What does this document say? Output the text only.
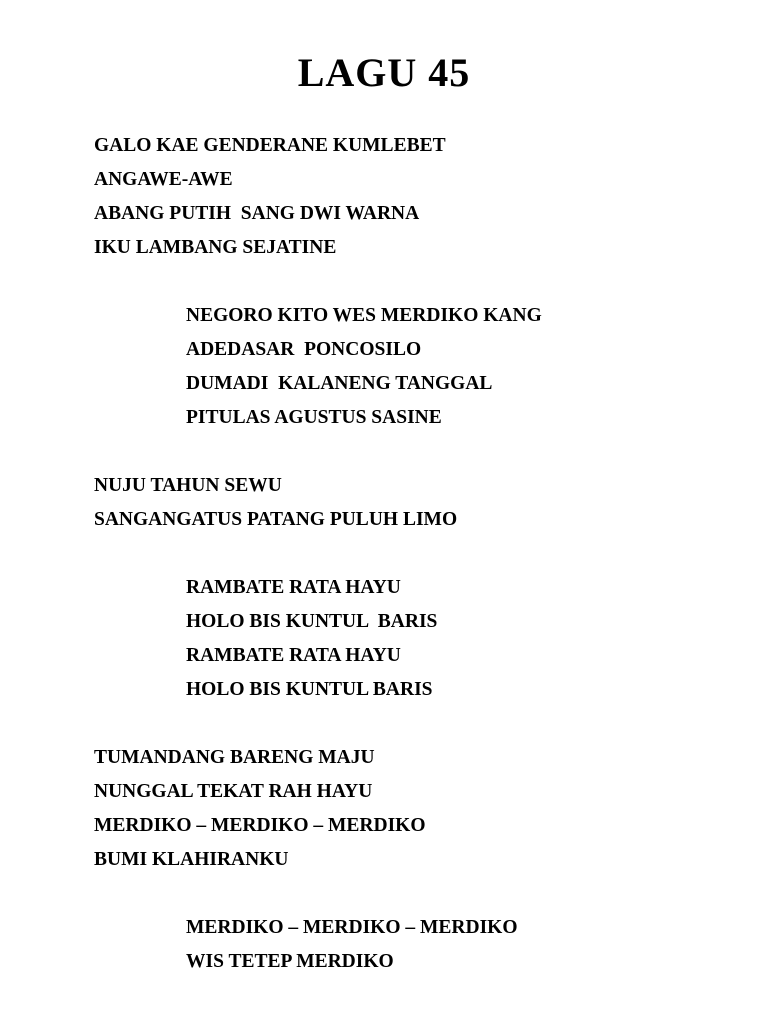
LAGU 45
GALO KAE GENDERANE KUMLEBET
ANGAWE-AWE
ABANG PUTIH  SANG DWI WARNA
IKU LAMBANG SEJATINE
NEGORO KITO WES MERDIKO KANG
ADEDASAR  PONCOSILO
DUMADI  KALANENG TANGGAL
PITULAS AGUSTUS SASINE
NUJU TAHUN SEWU
SANGANGATUS PATANG PULUH LIMO
RAMBATE RATA HAYU
HOLO BIS KUNTUL  BARIS
RAMBATE RATA HAYU
HOLO BIS KUNTUL BARIS
TUMANDANG BARENG MAJU
NUNGGAL TEKAT RAH HAYU
MERDIKO – MERDIKO – MERDIKO
BUMI KLAHIRANKU
MERDIKO – MERDIKO – MERDIKO
WIS TETEP MERDIKO
